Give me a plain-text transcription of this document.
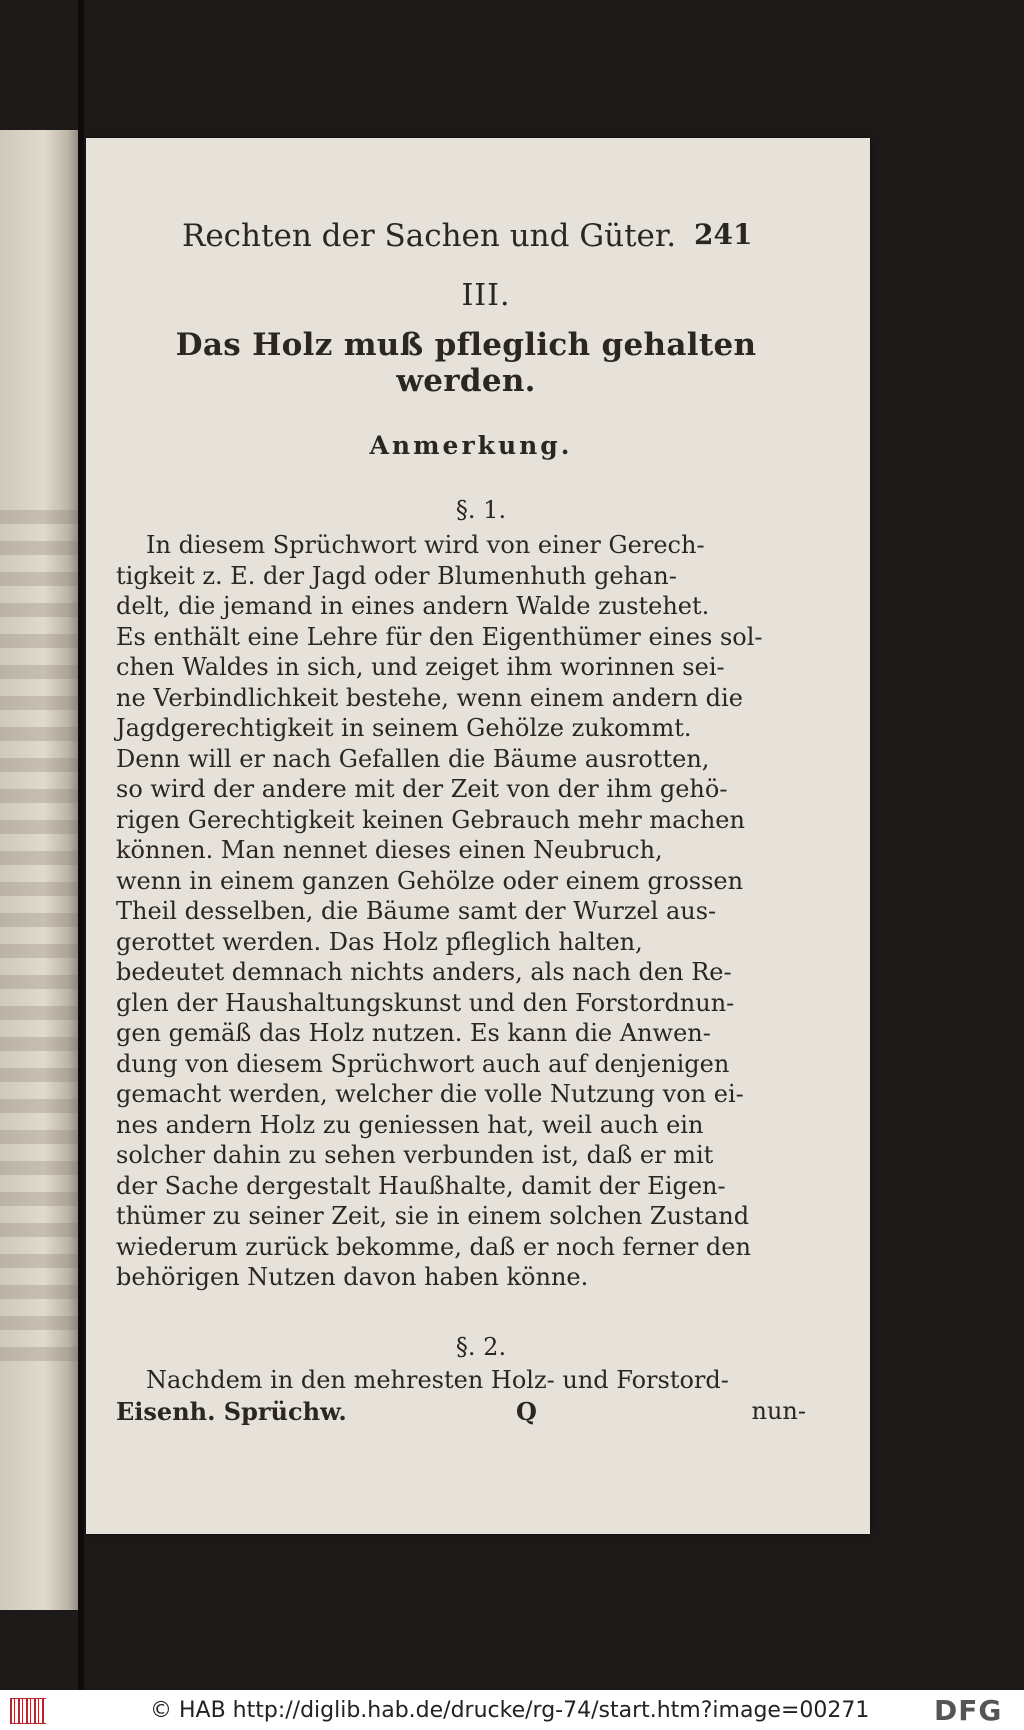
Rechten der Sachen und Güter. 241
III.
Das Holz muß pfleglich gehalten werden.
Anmerkung.
§. 1.
In diesem Sprüchwort wird von einer Gerech-
tigkeit z. E. der Jagd oder Blumenhuth gehan-
delt, die jemand in eines andern Walde zustehet.
Es enthält eine Lehre für den Eigenthümer eines sol-
chen Waldes in sich, und zeiget ihm worinnen sei-
ne Verbindlichkeit bestehe, wenn einem andern die
Jagdgerechtigkeit in seinem Gehölze zukommt.
Denn will er nach Gefallen die Bäume ausrotten,
so wird der andere mit der Zeit von der ihm gehö-
rigen Gerechtigkeit keinen Gebrauch mehr machen
können. Man nennet dieses einen Neubruch,
wenn in einem ganzen Gehölze oder einem grossen
Theil desselben, die Bäume samt der Wurzel aus-
gerottet werden. Das Holz pfleglich halten,
bedeutet demnach nichts anders, als nach den Re-
glen der Haushaltungskunst und den Forstordnun-
gen gemäß das Holz nutzen. Es kann die Anwen-
dung von diesem Sprüchwort auch auf denjenigen
gemacht werden, welcher die volle Nutzung von ei-
nes andern Holz zu geniessen hat, weil auch ein
solcher dahin zu sehen verbunden ist, daß er mit
der Sache dergestalt Haußhalte, damit der Eigen-
thümer zu seiner Zeit, sie in einem solchen Zustand
wiederum zurück bekomme, daß er noch ferner den
behörigen Nutzen davon haben könne.
§. 2.
Nachdem in den mehresten Holz- und Forstord-
Eisenh. Sprüchw.	Q	nun-
© HAB http://diglib.hab.de/drucke/rg-74/start.htm?image=00271 DFG
